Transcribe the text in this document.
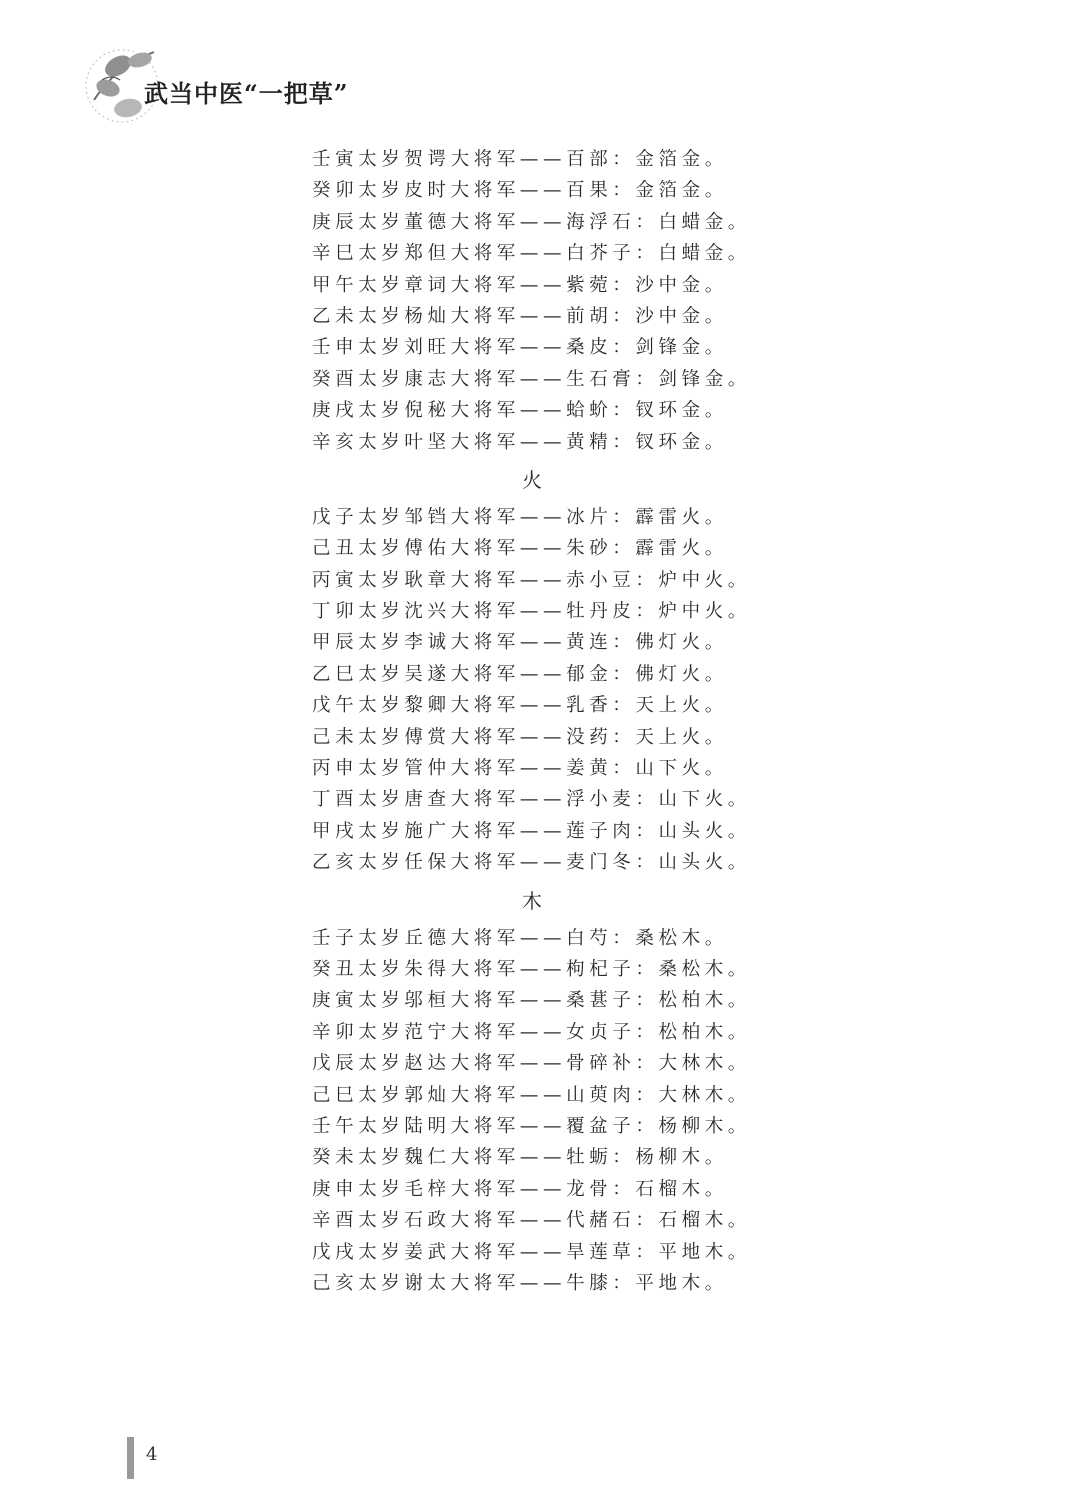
武当中医“一把草”
壬寅太岁贺谔大将军——百部：金箔金。
癸卯太岁皮时大将军——百果：金箔金。
庚辰太岁董德大将军——海浮石：白蜡金。
辛巳太岁郑但大将军——白芥子：白蜡金。
甲午太岁章词大将军——紫菀：沙中金。
乙未太岁杨灿大将军——前胡：沙中金。
壬申太岁刘旺大将军——桑皮：剑锋金。
癸酉太岁康志大将军——生石膏：剑锋金。
庚戌太岁倪秘大将军——蛤蚧：钗环金。
辛亥太岁叶坚大将军——黄精：钗环金。
火
戊子太岁邹铛大将军——冰片：霹雷火。
己丑太岁傅佑大将军——朱砂：霹雷火。
丙寅太岁耿章大将军——赤小豆：炉中火。
丁卯太岁沈兴大将军——牡丹皮：炉中火。
甲辰太岁李诚大将军——黄连：佛灯火。
乙巳太岁吴遂大将军——郁金：佛灯火。
戊午太岁黎卿大将军——乳香：天上火。
己未太岁傅赏大将军——没药：天上火。
丙申太岁管仲大将军——姜黄：山下火。
丁酉太岁唐查大将军——浮小麦：山下火。
甲戌太岁施广大将军——莲子肉：山头火。
乙亥太岁任保大将军——麦门冬：山头火。
木
壬子太岁丘德大将军——白芍：桑松木。
癸丑太岁朱得大将军——枸杞子：桑松木。
庚寅太岁邬桓大将军——桑葚子：松柏木。
辛卯太岁范宁大将军——女贞子：松柏木。
戊辰太岁赵达大将军——骨碎补：大林木。
己巳太岁郭灿大将军——山萸肉：大林木。
壬午太岁陆明大将军——覆盆子：杨柳木。
癸未太岁魏仁大将军——牡蛎：杨柳木。
庚申太岁毛梓大将军——龙骨：石榴木。
辛酉太岁石政大将军——代赭石：石榴木。
戊戌太岁姜武大将军——旱莲草：平地木。
己亥太岁谢太大将军——牛膝：平地木。
4
